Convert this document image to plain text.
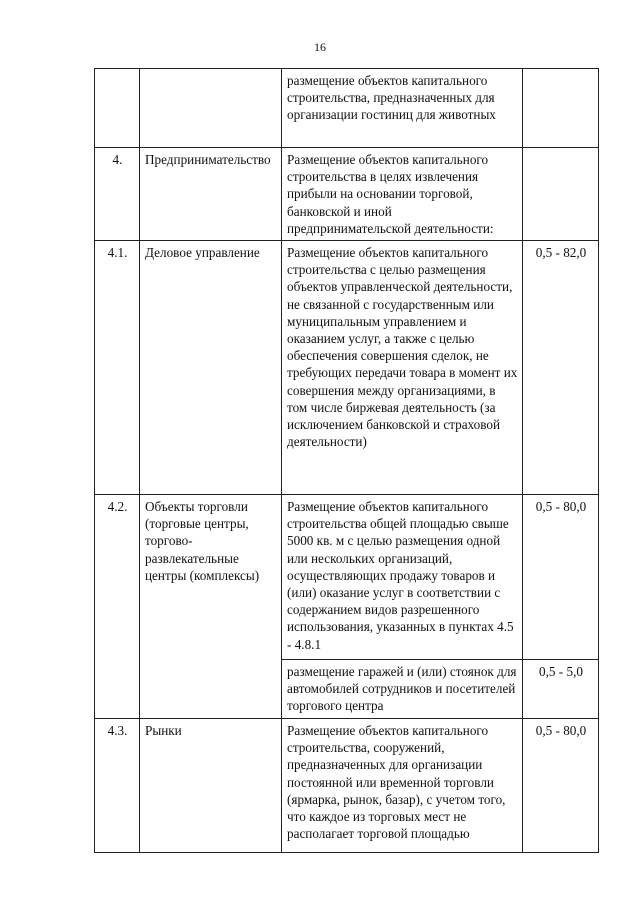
16
		размещение объектов капитального строительства, предназначенных для организации гостиниц для животных	
4.	Предпринимательство	Размещение объектов капитального строительства в целях извлечения прибыли на основании торговой, банковской и иной предпринимательской деятельности:	
4.1.	Деловое управление	Размещение объектов капитального строительства с целью размещения объектов управленческой деятельности, не связанной с государственным или муниципальным управлением и оказанием услуг, а также с целью обеспечения совершения сделок, не требующих передачи товара в момент их совершения между организациями, в том числе биржевая деятельность (за исключением банковской и страховой деятельности)	0,5 - 82,0
4.2.	Объекты торговли (торговые центры, торгово-развлекательные центры (комплексы)	Размещение объектов капитального строительства общей площадью свыше 5000 кв. м с целью размещения одной или нескольких организаций, осуществляющих продажу товаров и (или) оказание услуг в соответствии с содержанием видов разрешенного использования, указанных в пунктах 4.5 - 4.8.1	0,5 - 80,0
		размещение гаражей и (или) стоянок для автомобилей сотрудников и посетителей торгового центра	0,5 - 5,0
4.3.	Рынки	Размещение объектов капитального строительства, сооружений, предназначенных для организации постоянной или временной торговли (ярмарка, рынок, базар), с учетом того, что каждое из торговых мест не располагает торговой площадью	0,5 - 80,0
